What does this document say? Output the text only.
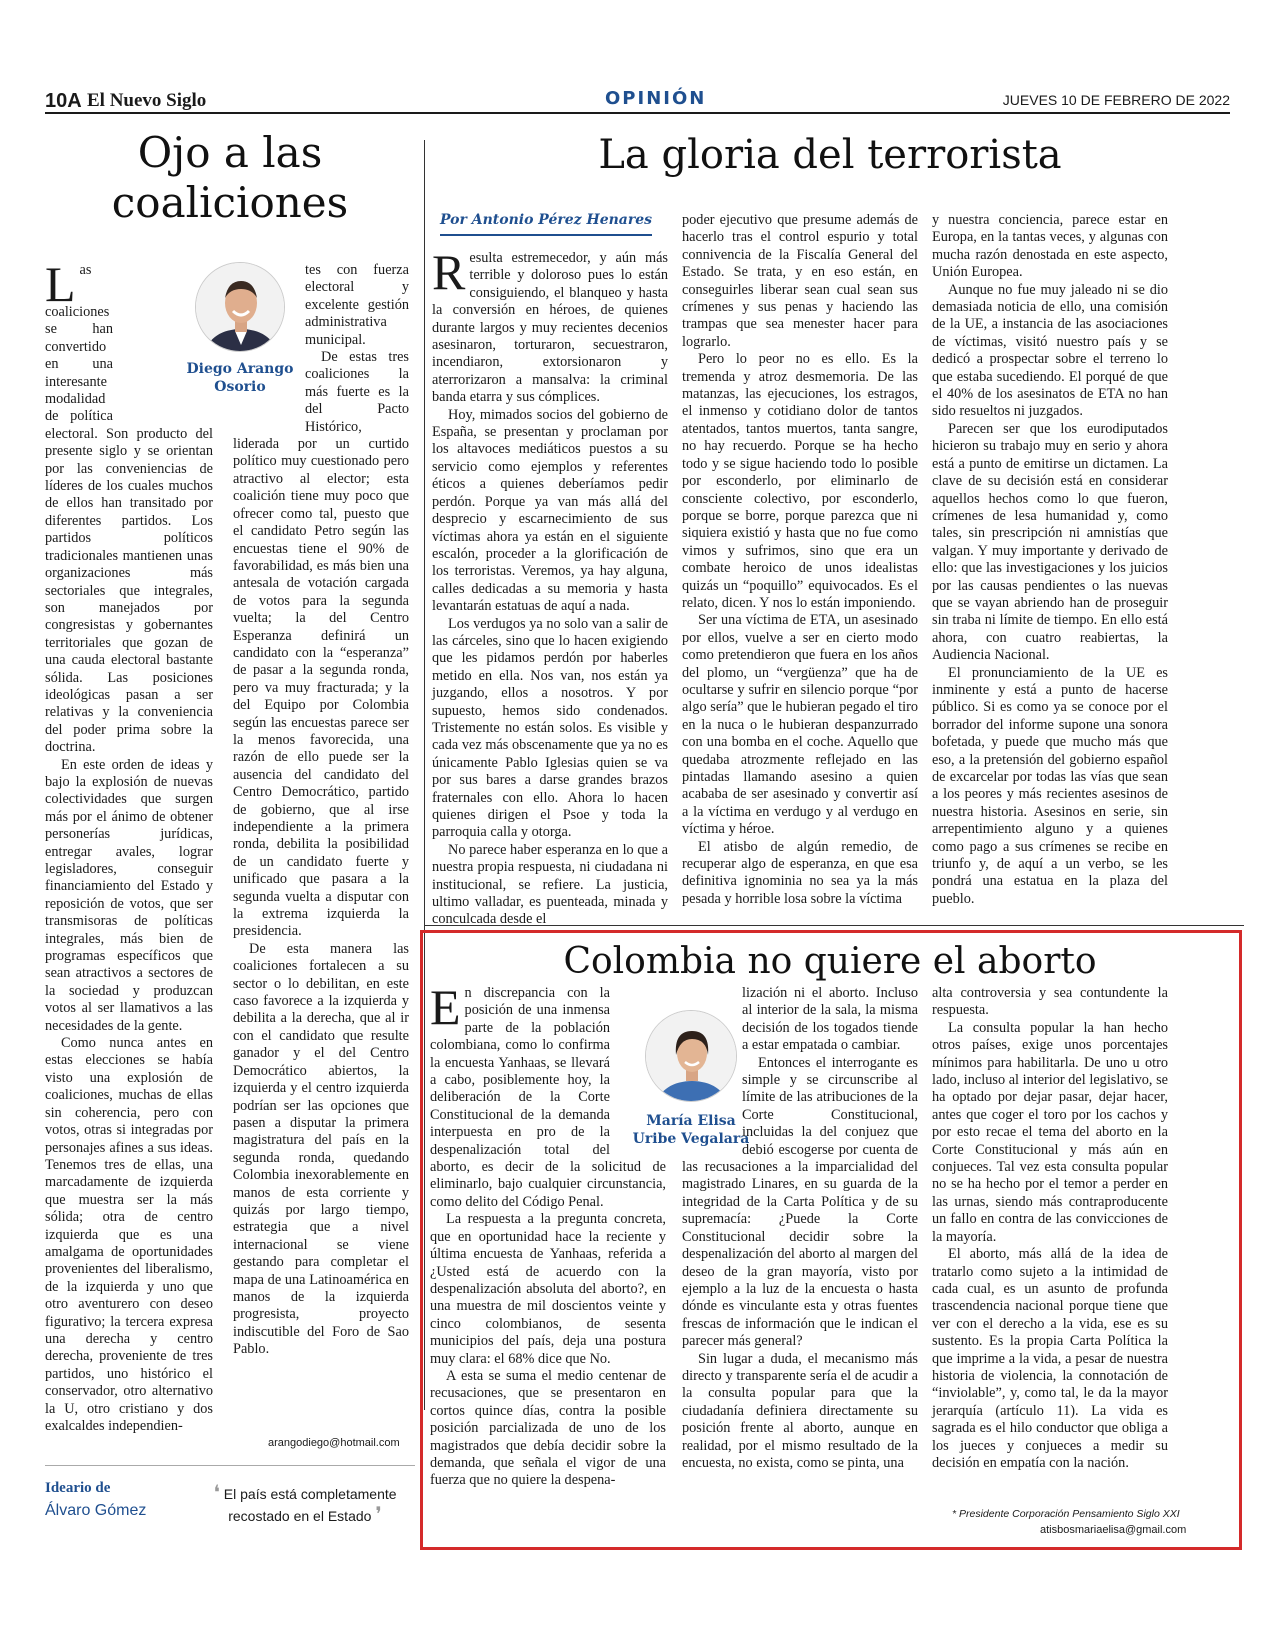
10A El Nuevo Siglo	OPINIÓN	JUEVES 10 DE FEBRERO DE 2022
Ojo a las coaliciones
Diego Arango Osorio

Las coaliciones se han convertido en una interesante modalidad de política electoral. Son producto del presente siglo y se orientan por las conveniencias de líderes de los cuales muchos de ellos han transitado por diferentes partidos. Los partidos políticos tradicionales mantienen unas organizaciones más sectoriales que integrales, son manejados por congresistas y gobernantes territoriales que gozan de una cauda electoral bastante sólida. Las posiciones ideológicas pasan a ser relativas y la conveniencia del poder prima sobre la doctrina.

En este orden de ideas y bajo la explosión de nuevas colectividades que surgen más por el ánimo de obtener personerías jurídicas, entregar avales, lograr legisladores, conseguir financiamiento del Estado y reposición de votos, que ser transmisoras de políticas integrales, más bien de programas específicos que sean atractivos a sectores de la sociedad y produzcan votos al ser llamativos a las necesidades de la gente.

Como nunca antes en estas elecciones se había visto una explosión de coaliciones, muchas de ellas sin coherencia, pero con votos, otras si integradas por personajes afines a sus ideas. Tenemos tres de ellas, una marcadamente de izquierda que muestra ser la más sólida; otra de centro izquierda que es una amalgama de oportunidades provenientes del liberalismo, de la izquierda y uno que otro aventurero con deseo figurativo; la tercera expresa una derecha y centro derecha, proveniente de tres partidos, uno histórico el conservador, otro alternativo la U, otro cristiano y dos exalcaldes independien-

tes con fuerza electoral y excelente gestión administrativa municipal.

De estas tres coaliciones la más fuerte es la del Pacto Histórico, liderada por un curtido político muy cuestionado pero atractivo al elector; esta coalición tiene muy poco que ofrecer como tal, puesto que el candidato Petro según las encuestas tiene el 90% de favorabilidad, es más bien una antesala de votación cargada de votos para la segunda vuelta; la del Centro Esperanza definirá un candidato con la “esperanza” de pasar a la segunda ronda, pero va muy fracturada; y la del Equipo por Colombia según las encuestas parece ser la menos favorecida, una razón de ello puede ser la ausencia del candidato del Centro Democrático, partido de gobierno, que al irse independiente a la primera ronda, debilita la posibilidad de un candidato fuerte y unificado que pasara a la segunda vuelta a disputar con la extrema izquierda la presidencia.

De esta manera las coaliciones fortalecen a su sector o lo debilitan, en este caso favorece a la izquierda y debilita a la derecha, que al ir con el candidato que resulte ganador y el del Centro Democrático abiertos, la izquierda y el centro izquierda podrían ser las opciones que pasen a disputar la primera magistratura del país en la segunda ronda, quedando Colombia inexorablemente en manos de esta corriente y quizás por largo tiempo, estrategia que a nivel internacional se viene gestando para completar el mapa de una Latinoamérica en manos de la izquierda progresista, proyecto indiscutible del Foro de Sao Pablo.

arangodiego@hotmail.com
La gloria del terrorista
Por Antonio Pérez Henares

Resulta estremecedor, y aún más terrible y doloroso pues lo están consiguiendo, el blanqueo y hasta la conversión en héroes, de quienes durante largos y muy recientes decenios asesinaron, torturaron, secuestraron, incendiaron, extorsionaron y aterrorizaron a mansalva: la criminal banda etarra y sus cómplices.

Hoy, mimados socios del gobierno de España, se presentan y proclaman por los altavoces mediáticos puestos a su servicio como ejemplos y referentes éticos a quienes deberíamos pedir perdón. Porque ya van más allá del desprecio y escarnecimiento de sus víctimas ahora ya están en el siguiente escalón, proceder a la glorificación de los terroristas. Veremos, ya hay alguna, calles dedicadas a su memoria y hasta levantarán estatuas de aquí a nada.

Los verdugos ya no solo van a salir de las cárceles, sino que lo hacen exigiendo que les pidamos perdón por haberles metido en ella. Nos van, nos están ya juzgando, ellos a nosotros. Y por supuesto, hemos sido condenados. Tristemente no están solos. Es visible y cada vez más obscenamente que ya no es únicamente Pablo Iglesias quien se va por sus bares a darse grandes brazos fraternales con ello. Ahora lo hacen quienes dirigen el Psoe y toda la parroquia calla y otorga.

No parece haber esperanza en lo que a nuestra propia respuesta, ni ciudadana ni institucional, se refiere. La justicia, ultimo valladar, es puenteada, minada y conculcada desde el

poder ejecutivo que presume además de hacerlo tras el control espurio y total connivencia de la Fiscalía General del Estado. Se trata, y en eso están, en conseguirles liberar sean cual sean sus crímenes y sus penas y haciendo las trampas que sea menester hacer para lograrlo.

Pero lo peor no es ello. Es la tremenda y atroz desmemoria. De las matanzas, las ejecuciones, los estragos, el inmenso y cotidiano dolor de tantos atentados, tantos muertos, tanta sangre, no hay recuerdo. Porque se ha hecho todo y se sigue haciendo todo lo posible por esconderlo, por eliminarlo de consciente colectivo, por esconderlo, porque se borre, porque parezca que ni siquiera existió y hasta que no fue como vimos y sufrimos, sino que era un combate heroico de unos idealistas quizás un “poquillo” equivocados. Es el relato, dicen. Y nos lo están imponiendo.

Ser una víctima de ETA, un asesinado por ellos, vuelve a ser en cierto modo como pretendieron que fuera en los años del plomo, un “vergüenza” que ha de ocultarse y sufrir en silencio porque “por algo sería” que le hubieran pegado el tiro en la nuca o le hubieran despanzurrado con una bomba en el coche. Aquello que quedaba atrozmente reflejado en las pintadas llamando asesino a quien acababa de ser asesinado y convertir así a la víctima en verdugo y al verdugo en víctima y héroe.

El atisbo de algún remedio, de recuperar algo de esperanza, en que esa definitiva ignominia no sea ya la más pesada y horrible losa sobre la víctima

y nuestra conciencia, parece estar en Europa, en la tantas veces, y algunas con mucha razón denostada en este aspecto, Unión Europea.

Aunque no fue muy jaleado ni se dio demasiada noticia de ello, una comisión de la UE, a instancia de las asociaciones de víctimas, visitó nuestro país y se dedicó a prospectar sobre el terreno lo que estaba sucediendo. El porqué de que el 40% de los asesinatos de ETA no han sido resueltos ni juzgados.

Parecen ser que los eurodiputados hicieron su trabajo muy en serio y ahora está a punto de emitirse un dictamen. La clave de su decisión está en considerar aquellos hechos como lo que fueron, crímenes de lesa humanidad y, como tales, sin prescripción ni amnistías que valgan. Y muy importante y derivado de ello: que las investigaciones y los juicios por las causas pendientes o las nuevas que se vayan abriendo han de proseguir sin traba ni límite de tiempo. En ello está ahora, con cuatro reabiertas, la Audiencia Nacional.

El pronunciamiento de la UE es inminente y está a punto de hacerse público. Si es como ya se conoce por el borrador del informe supone una sonora bofetada, y puede que mucho más que eso, a la pretensión del gobierno español de excarcelar por todas las vías que sean a los peores y más recientes asesinos de nuestra historia. Asesinos en serie, sin arrepentimiento alguno y a quienes como pago a sus crímenes se recibe en triunfo y, de aquí a un verbo, se les pondrá una estatua en la plaza del pueblo.

Colombia no quiere el aborto
María Elisa Uribe Vegalara

En discrepancia con la posición de una inmensa parte de la población colombiana, como lo confirma la encuesta Yanhaas, se llevará a cabo, posiblemente hoy, la deliberación de la Corte Constitucional de la demanda interpuesta en pro de la despenalización total del aborto, es decir de la solicitud de eliminarlo, bajo cualquier circunstancia, como delito del Código Penal.

La respuesta a la pregunta concreta, que en oportunidad hace la reciente y última encuesta de Yanhaas, referida a ¿Usted está de acuerdo con la despenalización absoluta del aborto?, en una muestra de mil doscientos veinte y cinco colombianos, de sesenta municipios del país, deja una postura muy clara: el 68% dice que No.

A esta se suma el medio centenar de recusaciones, que se presentaron en cortos quince días, contra la posible posición parcializada de uno de los magistrados que debía decidir sobre la demanda, que señala el vigor de una fuerza que no quiere la despena-

lización ni el aborto. Incluso al interior de la sala, la misma decisión de los togados tiende a estar empatada o cambiar.

Entonces el interrogante es simple y se circunscribe al límite de las atribuciones de la Corte Constitucional, incluidas la del conjuez que debió escogerse por cuenta de las recusaciones a la imparcialidad del magistrado Linares, en su guarda de la integridad de la Carta Política y de su supremacía: ¿Puede la Corte Constitucional decidir sobre la despenalización del aborto al margen del deseo de la gran mayoría, visto por ejemplo a la luz de la encuesta o hasta dónde es vinculante esta y otras fuentes frescas de información que le indican el parecer más general?

Sin lugar a duda, el mecanismo más directo y transparente sería el de acudir a la consulta popular para que la ciudadanía definiera directamente su posición frente al aborto, aunque en realidad, por el mismo resultado de la encuesta, no exista, como se pinta, una

alta controversia y sea contundente la respuesta.

La consulta popular la han hecho otros países, exige unos porcentajes mínimos para habilitarla. De uno u otro lado, incluso al interior del legislativo, se ha optado por dejar pasar, dejar hacer, antes que coger el toro por los cachos y por esto recae el tema del aborto en la Corte Constitucional y más aún en conjueces. Tal vez esta consulta popular no se ha hecho por el temor a perder en las urnas, siendo más contraproducente un fallo en contra de las convicciones de la mayoría.

El aborto, más allá de la idea de tratarlo como sujeto a la intimidad de cada cual, es un asunto de profunda trascendencia nacional porque tiene que ver con el derecho a la vida, ese es su sustento. Es la propia Carta Política la que imprime a la vida, a pesar de nuestra historia de violencia, la connotación de “inviolable”, y, como tal, le da la mayor jerarquía (artículo 11). La vida es sagrada es el hilo conductor que obliga a los jueces y conjueces a medir su decisión en empatía con la nación.

* Presidente Corporación Pensamiento Siglo XXI
atisbosmariaelisa@gmail.com
Ideario de
Álvaro Gómez
❛ El país está completamente recostado en el Estado ❜
